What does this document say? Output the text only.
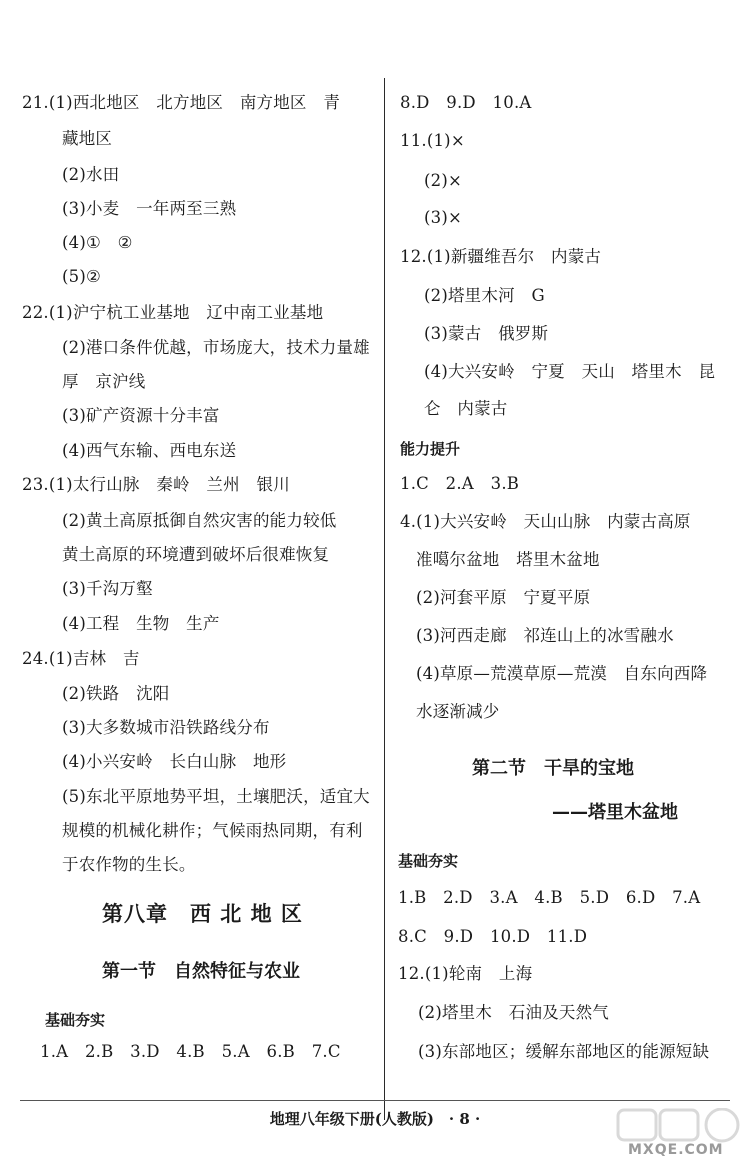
21.(1)西北地区　北方地区　南方地区　青
藏地区
(2)水田
(3)小麦　一年两至三熟
(4)①　②
(5)②
22.(1)沪宁杭工业基地　辽中南工业基地
(2)港口条件优越，市场庞大，技术力量雄
厚　京沪线
(3)矿产资源十分丰富
(4)西气东输、西电东送
23.(1)太行山脉　秦岭　兰州　银川
(2)黄土高原抵御自然灾害的能力较低
黄土高原的环境遭到破坏后很难恢复
(3)千沟万壑
(4)工程　生物　生产
24.(1)吉林　吉
(2)铁路　沈阳
(3)大多数城市沿铁路线分布
(4)小兴安岭　长白山脉　地形
(5)东北平原地势平坦，土壤肥沃，适宜大
规模的机械化耕作；气候雨热同期，有利
于农作物的生长。
第八章　西 北 地 区
第一节　自然特征与农业
基础夯实
1.A　2.B　3.D　4.B　5.A　6.B　7.C
8.D　9.D　10.A
11.(1)×
(2)×
(3)×
12.(1)新疆维吾尔　内蒙古
(2)塔里木河　G
(3)蒙古　俄罗斯
(4)大兴安岭　宁夏　天山　塔里木　昆
仑　内蒙古
能力提升
1.C　2.A　3.B
4.(1)大兴安岭　天山山脉　内蒙古高原
准噶尔盆地　塔里木盆地
(2)河套平原　宁夏平原
(3)河西走廊　祁连山上的冰雪融水
(4)草原—荒漠草原—荒漠　自东向西降
水逐渐减少
第二节　干旱的宝地
——塔里木盆地
基础夯实
1.B　2.D　3.A　4.B　5.D　6.D　7.A
8.C　9.D　10.D　11.D
12.(1)轮南　上海
(2)塔里木　石油及天然气
(3)东部地区；缓解东部地区的能源短缺
地理八年级下册(人教版)　· 8 ·
MXQE.COM
